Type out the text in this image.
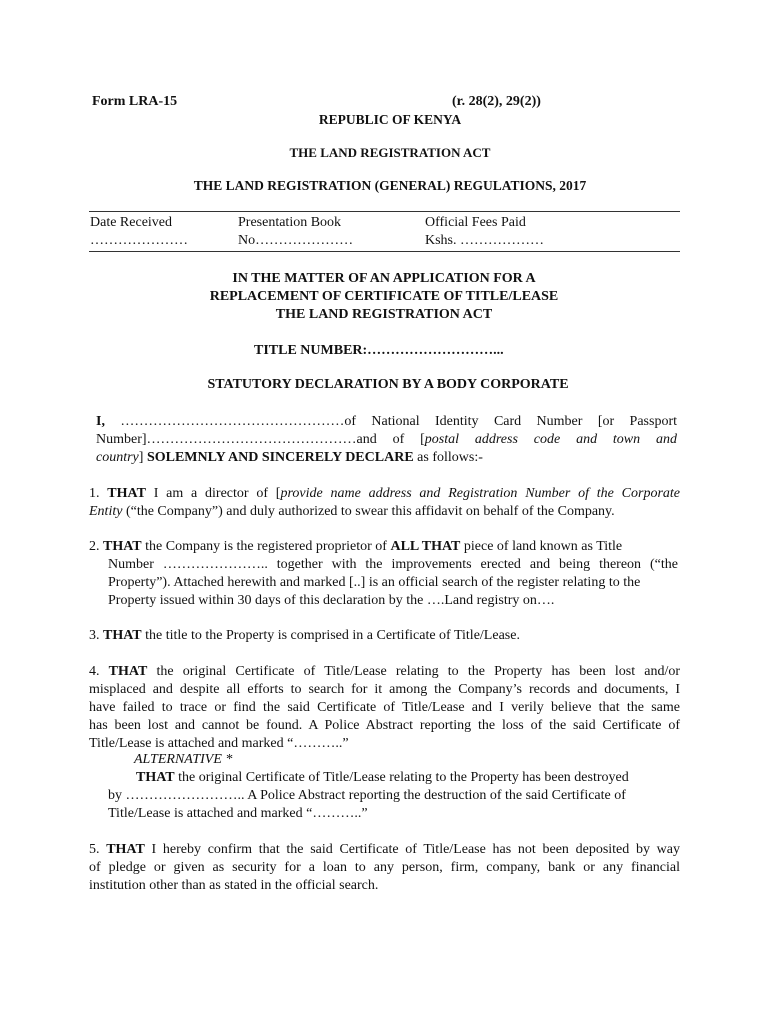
Form LRA-15	(r. 28(2), 29(2))
REPUBLIC OF KENYA
THE LAND REGISTRATION ACT
THE LAND REGISTRATION (GENERAL) REGULATIONS, 2017
Date Received
…………………
Presentation Book
No…………………
Official Fees Paid
Kshs. ………………
IN THE MATTER OF AN APPLICATION FOR A
REPLACEMENT OF CERTIFICATE OF TITLE/LEASE
THE LAND REGISTRATION ACT
TITLE NUMBER:………………………...
STATUTORY DECLARATION BY A BODY CORPORATE
I, …………………………………………of National Identity Card Number [or Passport
Number]………………………………………and of [postal address code and town and
country] SOLEMNLY AND SINCERELY DECLARE as follows:-
1. THAT I am a director of [provide name address and Registration Number of the Corporate
Entity (“the Company”) and duly authorized to swear this affidavit on behalf of the Company.
2. THAT the Company is the registered proprietor of ALL THAT piece of land known as Title
Number ………………….. together with the improvements erected and being thereon (“the
Property”). Attached herewith and marked [..] is an official search of the register relating to the
Property issued within 30 days of this declaration by the ….Land registry on….
3. THAT the title to the Property is comprised in a Certificate of Title/Lease.
4. THAT the original Certificate of Title/Lease relating to the Property has been lost and/or
misplaced and despite all efforts to search for it among the Company’s records and documents, I
have failed to trace or find the said Certificate of Title/Lease and I verily believe that the same
has been lost and cannot be found. A Police Abstract reporting the loss of the said Certificate of
Title/Lease is attached and marked “………..”
ALTERNATIVE *
THAT the original Certificate of Title/Lease relating to the Property has been destroyed
by …………………….. A Police Abstract reporting the destruction of the said Certificate of
Title/Lease is attached and marked “………..”
5. THAT I hereby confirm that the said Certificate of Title/Lease has not been deposited by way
of pledge or given as security for a loan to any person, firm, company, bank or any financial
institution other than as stated in the official search.
